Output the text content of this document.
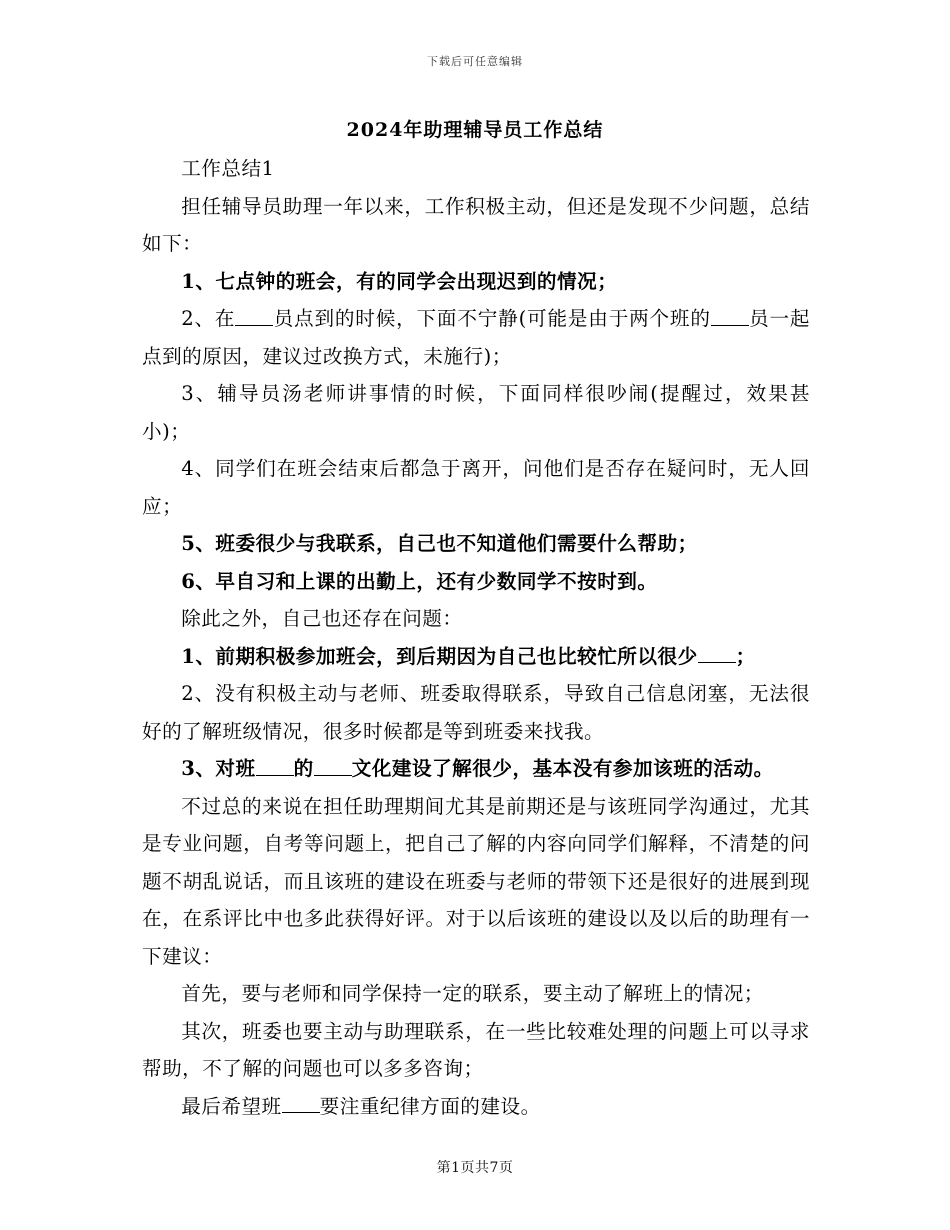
下载后可任意编辑
2024年助理辅导员工作总结

工作总结1

担任辅导员助理一年以来，工作积极主动，但还是发现不少问题，总结如下：

1、七点钟的班会，有的同学会出现迟到的情况；

2、在 员点到的时候，下面不宁静(可能是由于两个班的 员一起点到的原因，建议过改换方式，未施行)；

3、辅导员汤老师讲事情的时候，下面同样很吵闹(提醒过，效果甚小)；

4、同学们在班会结束后都急于离开，问他们是否存在疑问时，无人回应；

5、班委很少与我联系，自己也不知道他们需要什么帮助；

6、早自习和上课的出勤上，还有少数同学不按时到。

除此之外，自己也还存在问题：

1、前期积极参加班会，到后期因为自己也比较忙所以很少 ；

2、没有积极主动与老师、班委取得联系，导致自己信息闭塞，无法很好的了解班级情况，很多时候都是等到班委来找我。

3、对班 的 文化建设了解很少，基本没有参加该班的活动。

不过总的来说在担任助理期间尤其是前期还是与该班同学沟通过，尤其是专业问题，自考等问题上，把自己了解的内容向同学们解释，不清楚的问题不胡乱说话，而且该班的建设在班委与老师的带领下还是很好的进展到现在，在系评比中也多此获得好评。对于以后该班的建设以及以后的助理有一下建议：

首先，要与老师和同学保持一定的联系，要主动了解班上的情况；

其次，班委也要主动与助理联系，在一些比较难处理的问题上可以寻求帮助，不了解的问题也可以多多咨询；

最后希望班 要注重纪律方面的建设。

第1页共7页
